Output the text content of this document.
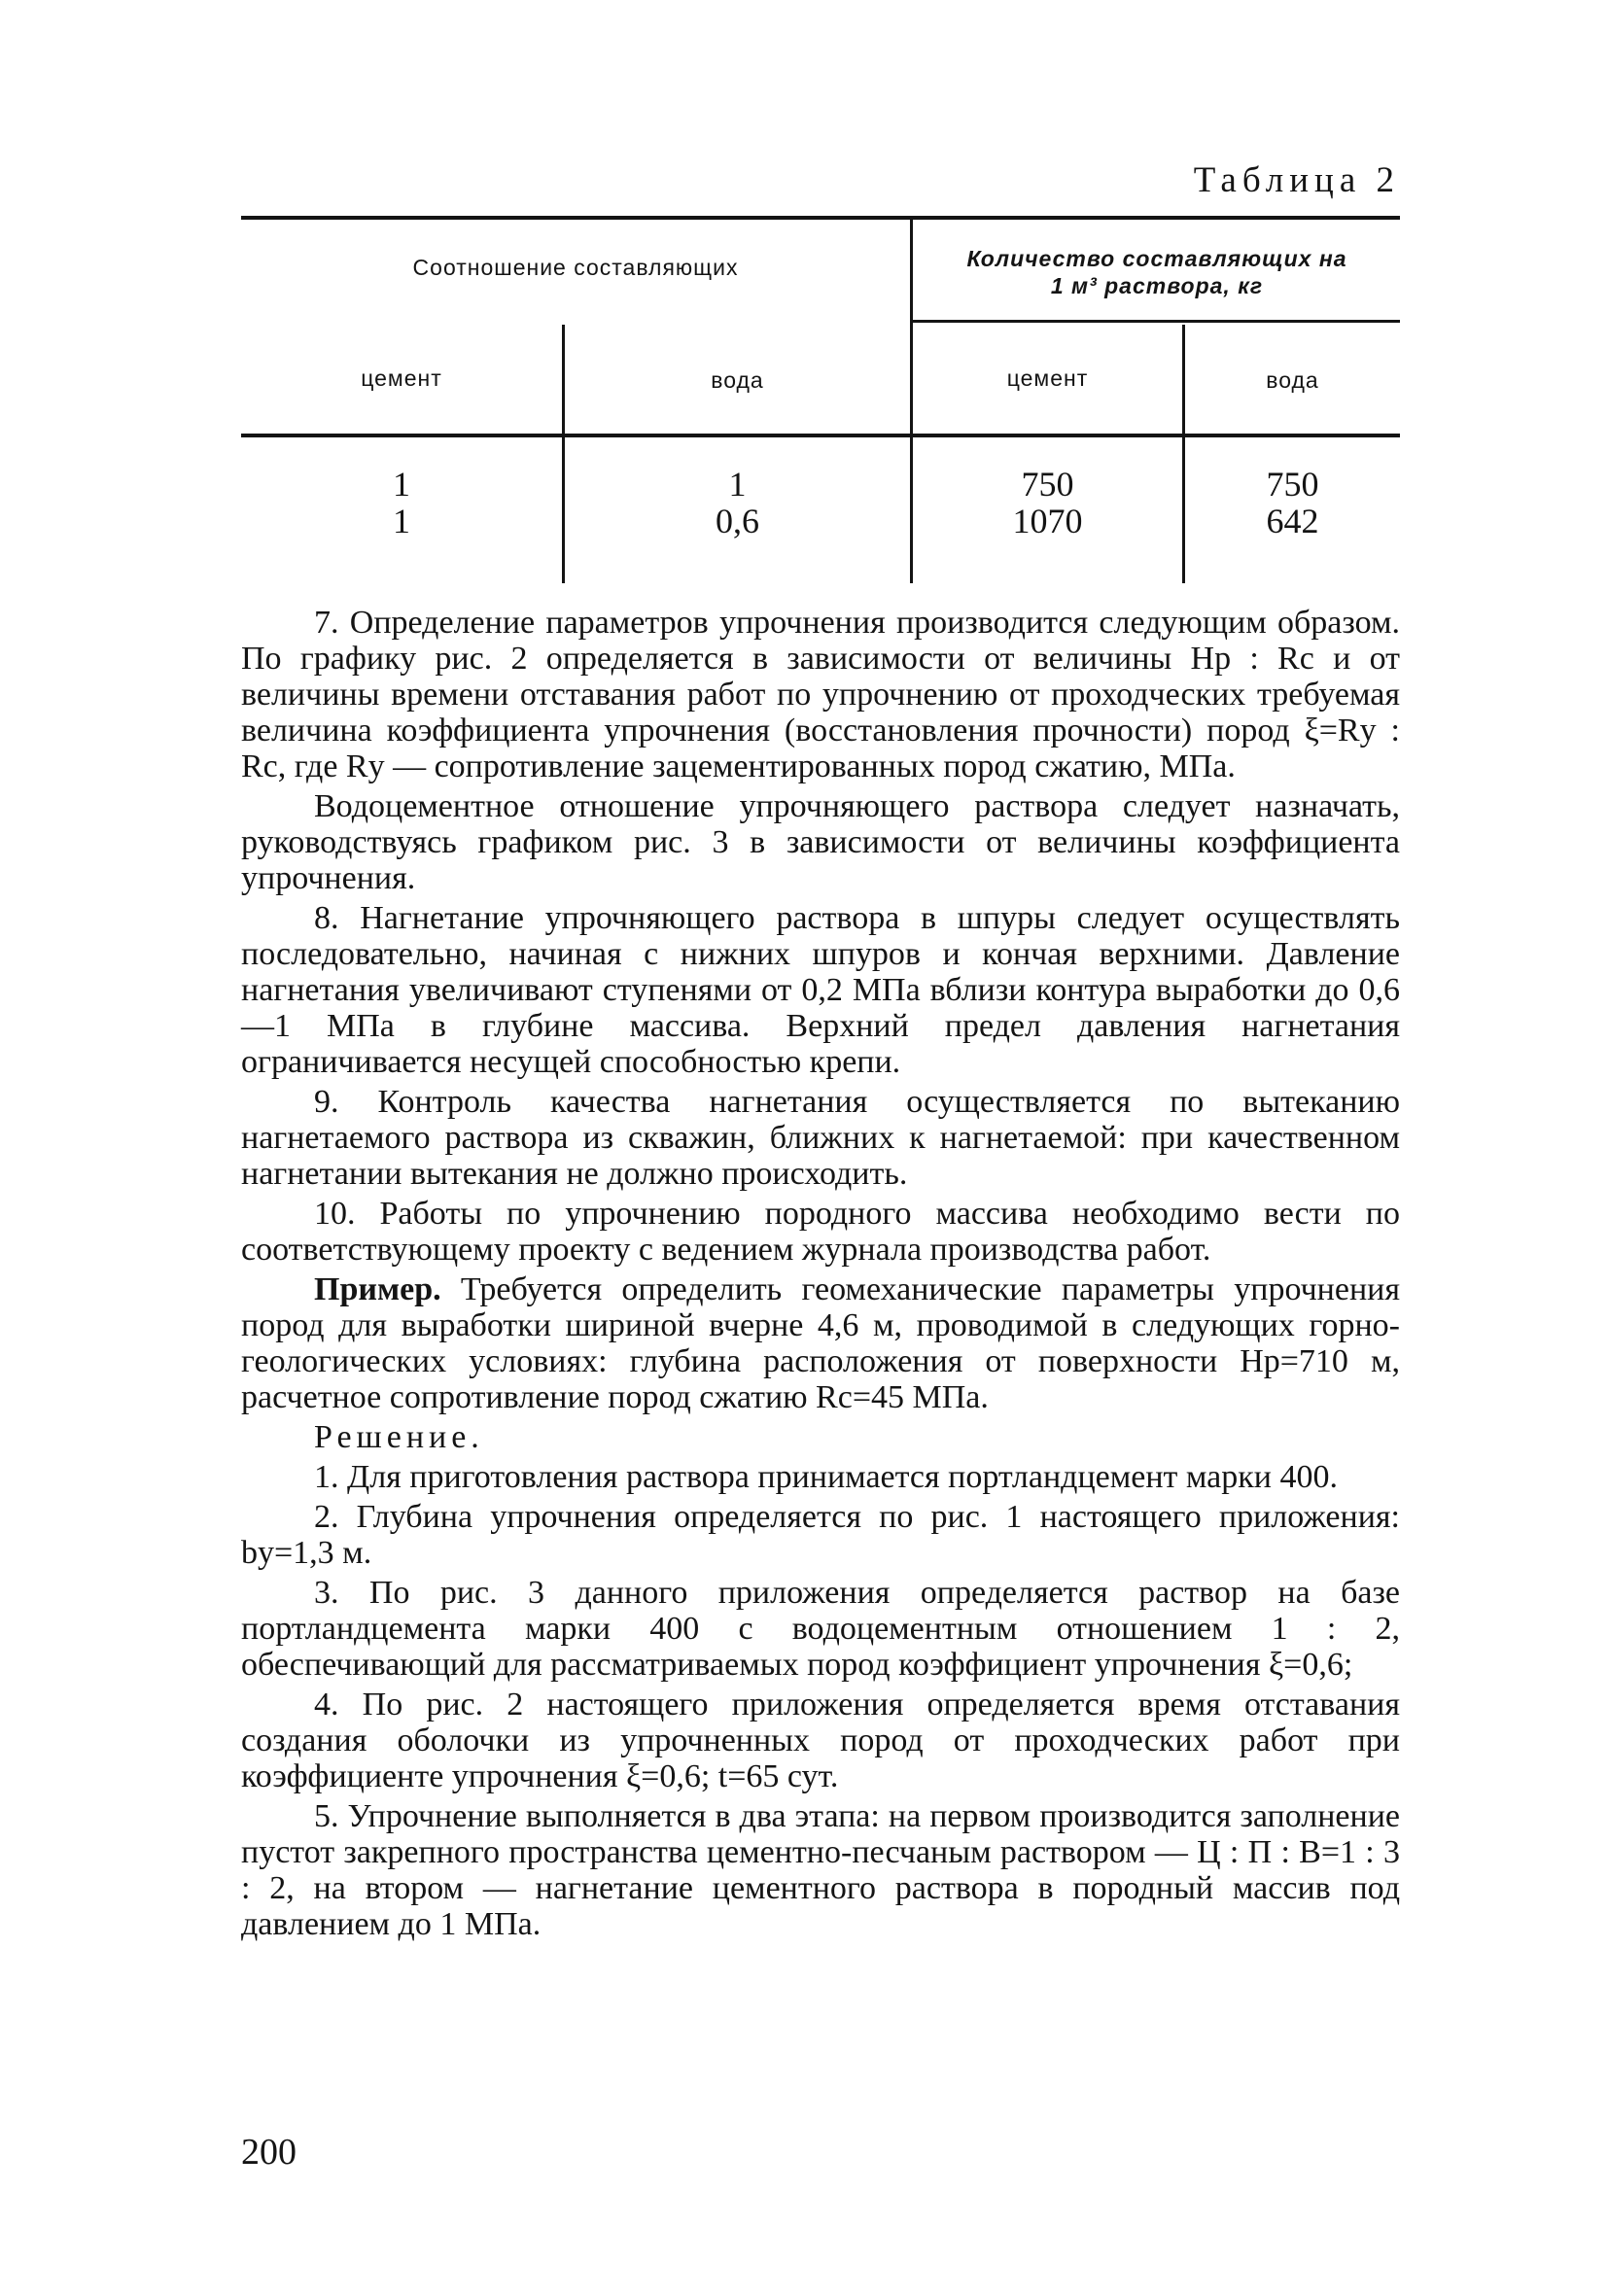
Таблица 2
Соотношение составляющих	Количество составляющих на
1 м³ раствора, кг
цемент	вода	цемент	вода
1	1	750	750
1	0,6	1070	642

7. Определение параметров упрочнения производится следующим образом. По графику рис. 2 определяется в зависимости от величины Hр : Rc и от величины времени отставания работ по упрочнению от проходческих требуемая величина коэффициента упрочнения (восстановления прочности) пород ξ=Rу : Rc, где Rу — сопротивление зацементированных пород сжатию, МПа.

Водоцементное отношение упрочняющего раствора следует назначать, руководствуясь графиком рис. 3 в зависимости от величины коэффициента упрочнения.

8. Нагнетание упрочняющего раствора в шпуры следует осуществлять последовательно, начиная с нижних шпуров и кончая верхними. Давление нагнетания увеличивают ступенями от 0,2 МПа вблизи контура выработки до 0,6—1 МПа в глубине массива. Верхний предел давления нагнетания ограничивается несущей способностью крепи.

9. Контроль качества нагнетания осуществляется по вытеканию нагнетаемого раствора из скважин, ближних к нагнетаемой: при качественном нагнетании вытекания не должно происходить.

10. Работы по упрочнению породного массива необходимо вести по соответствующему проекту с ведением журнала производства работ.

Пример. Требуется определить геомеханические параметры упрочнения пород для выработки шириной вчерне 4,6 м, проводимой в следующих горно-геологических условиях: глубина расположения от поверхности Hр=710 м, расчетное сопротивление пород сжатию Rc=45 МПа.

Решение.

1. Для приготовления раствора принимается портландцемент марки 400.

2. Глубина упрочнения определяется по рис. 1 настоящего приложения: bу=1,3 м.

3. По рис. 3 данного приложения определяется раствор на базе портландцемента марки 400 с водоцементным отношением 1 : 2, обеспечивающий для рассматриваемых пород коэффициент упрочнения ξ=0,6;

4. По рис. 2 настоящего приложения определяется время отставания создания оболочки из упрочненных пород от проходческих работ при коэффициенте упрочнения ξ=0,6; t=65 сут.

5. Упрочнение выполняется в два этапа: на первом производится заполнение пустот закрепного пространства цементно-песчаным раствором — Ц : П : В=1 : 3 : 2, на втором — нагнетание цементного раствора в породный массив под давлением до 1 МПа.

200
